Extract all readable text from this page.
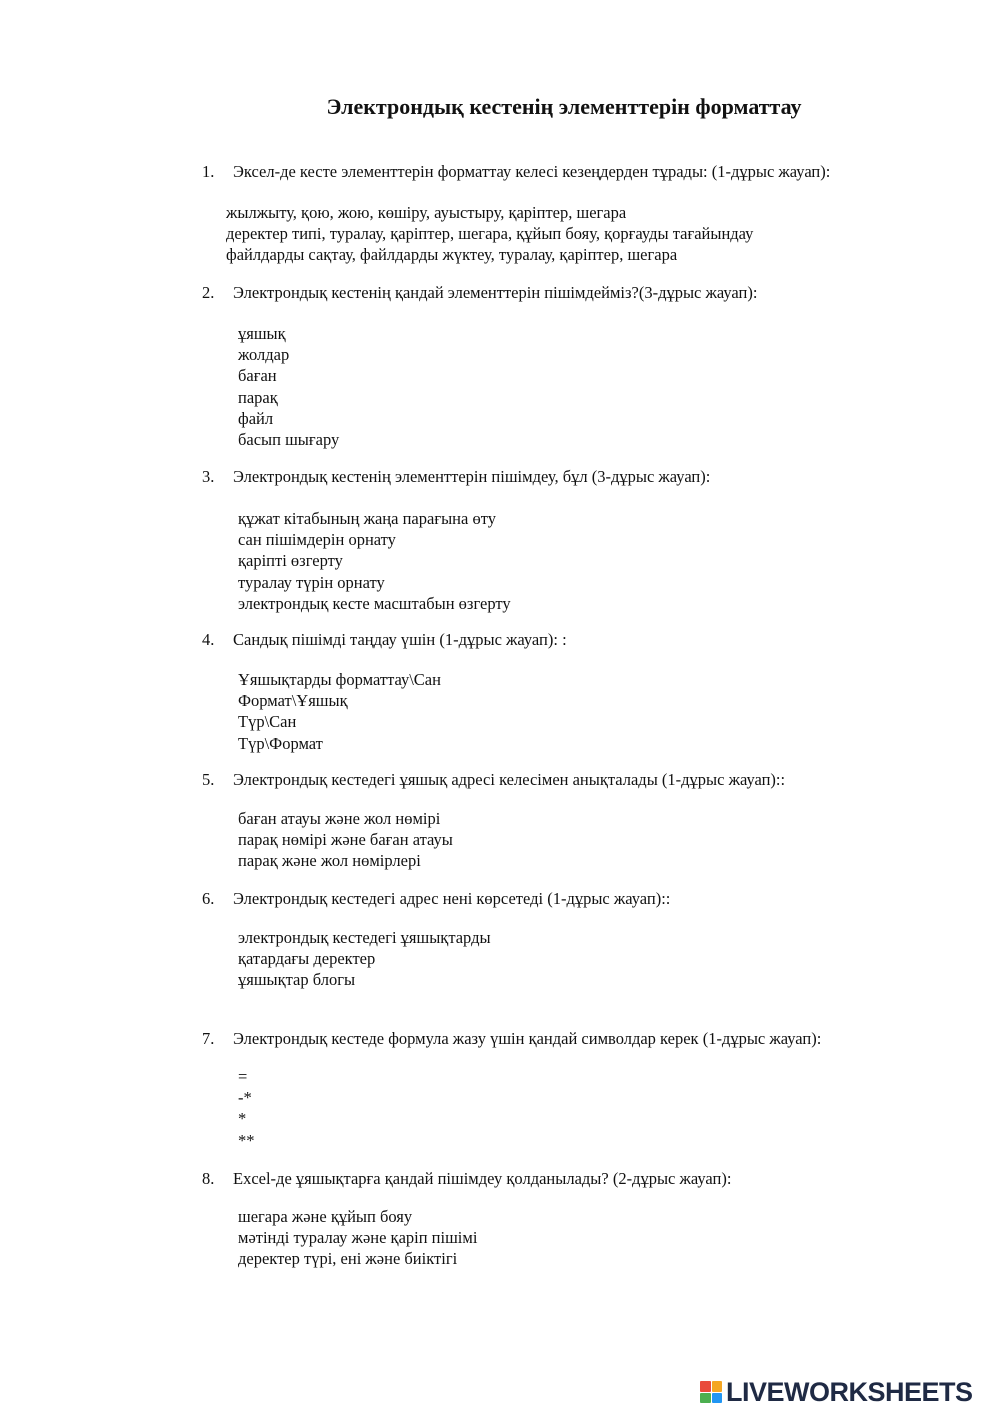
Электрондық кестенің элементтерін форматтау
1. Эксел-де кесте элементтерін форматтау келесі кезеңдерден тұрады: (1-дұрыс жауап):
жылжыту, қою, жою, көшіру, ауыстыру, қаріптер, шегара
деректер типі, туралау, қаріптер, шегара, құйып бояу, қорғауды тағайындау
файлдарды сақтау, файлдарды жүктеу, туралау, қаріптер, шегара
2. Электрондық кестенің қандай элементтерін пішімдейміз?(3-дұрыс жауап):
ұяшық
жолдар
баған
парақ
файл
басып шығару
3. Электрондық кестенің элементтерін пішімдеу, бұл (3-дұрыс жауап):
құжат кітабының жаңа парағына өту
сан пішімдерін орнату
қаріпті өзгерту
туралау түрін орнату
электрондық кесте масштабын өзгерту
4. Сандық пішімді таңдау үшін (1-дұрыс жауап): :
Ұяшықтарды форматтау\Сан
Формат\Ұяшық
Түр\Сан
Түр\Формат
5. Электрондық кестедегі ұяшық адресі келесімен анықталады (1-дұрыс жауап)::
баған атауы және жол нөмірі
парақ нөмірі және баған атауы
парақ және жол нөмірлері
6. Электрондық кестедегі адрес нені көрсетеді (1-дұрыс жауап)::
электрондық кестедегі ұяшықтарды
қатардағы деректер
ұяшықтар блогы
7. Электрондық кестеде формула жазу үшін қандай символдар керек (1-дұрыс жауап):
=
-*
*
**
8. Excel-де ұяшықтарға қандай пішімдеу қолданылады? (2-дұрыс жауап):
шегара және құйып бояу
мәтінді туралау және қаріп пішімі
деректер түрі, ені және биіктігі
LIVEWORKSHEETS
